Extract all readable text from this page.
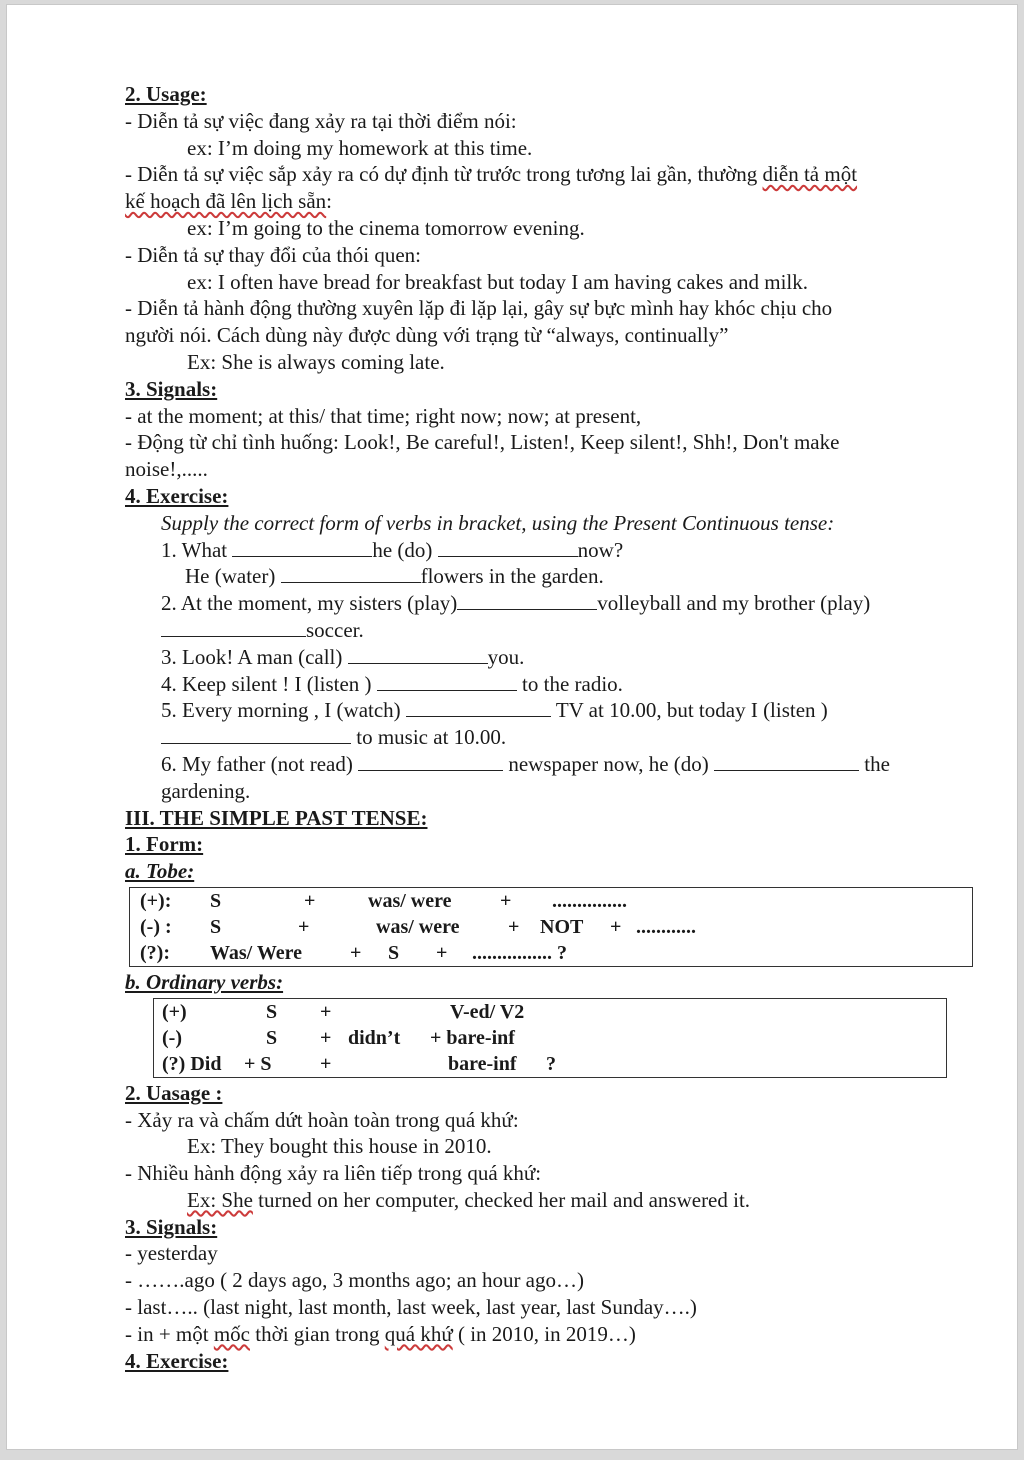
2. Usage:

- Diễn tả sự việc đang xảy ra tại thời điểm nói:

ex: I’m doing my homework at this time.

- Diễn tả sự việc sắp xảy ra có dự định từ trước trong tương lai gần, thường diễn tả một

kế hoạch đã lên lịch sẵn:

ex: I’m going to the cinema tomorrow evening.

- Diễn tả sự thay đổi của thói quen:

ex: I often have bread for breakfast but today I am having cakes and milk.

- Diễn tả hành động thường xuyên lặp đi lặp lại, gây sự bực mình hay khóc chịu cho

người nói. Cách dùng này được dùng với trạng từ “always, continually”

Ex: She is always coming late.

3. Signals:

- at the moment; at this/ that time; right now; now; at present,

- Động từ chỉ tình huống: Look!, Be careful!, Listen!, Keep silent!, Shh!, Don't make

noise!,.....

4. Exercise:

Supply the correct form of verbs in bracket, using the Present Continuous tense:

1. What	he (do)	now?

He (water)	flowers in the garden.

2. At the moment, my sisters (play)	volleyball and my brother (play)

soccer.

3. Look! A man (call)	you.

4. Keep silent ! I (listen )	to the radio.

5. Every morning , I (watch)	TV at 10.00, but today I (listen )

to music at 10.00.

6. My father (not read)	newspaper now, he (do)	the

gardening.

III. THE SIMPLE PAST TENSE:

1. Form:

a. Tobe:

(+):	S	+	was/ were	+	...............
(-) :	S	+	was/ were	+	NOT	+ ............
(?):	Was/ Were	+	S	+	................ ?

b. Ordinary verbs:

(+)	S	+	V-ed/ V2
(-)	S	+ didn’t	+ bare-inf
(?) Did	+ S	+	bare-inf	?

2. Uasage :

- Xảy ra và chấm dứt hoàn toàn trong quá khứ:

Ex: They bought this house in 2010.

- Nhiều hành động xảy ra liên tiếp trong quá khứ:

Ex: She turned on her computer, checked her mail and answered it.

3. Signals:

- yesterday

- …….ago ( 2 days ago, 3 months ago; an hour ago…)

- last….. (last night, last month, last week, last year, last Sunday….)

- in + một mốc thời gian trong quá khứ ( in 2010, in 2019…)

4. Exercise:
